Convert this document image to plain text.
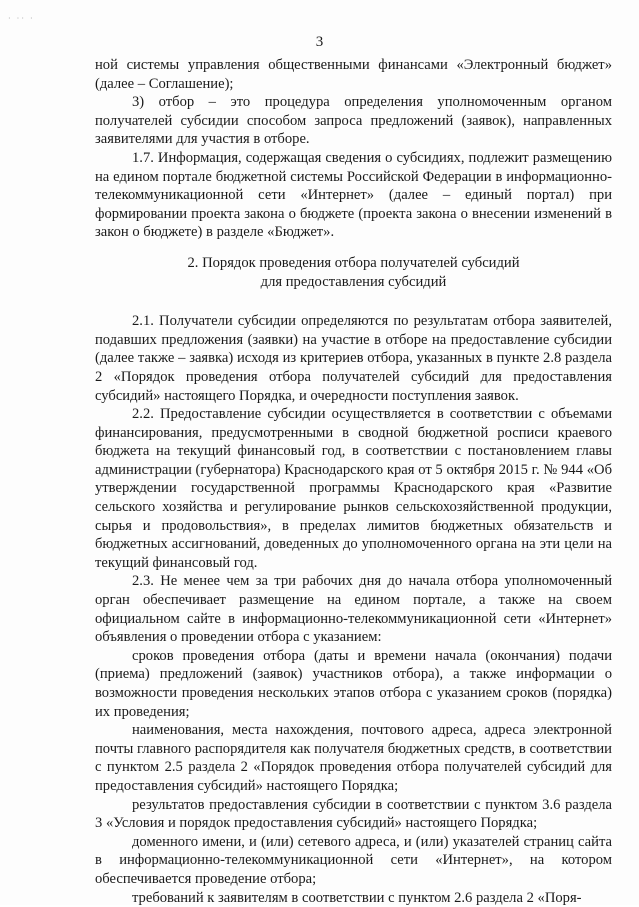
· ·· ·
3

ной системы управления общественными финансами «Электронный бюджет» (далее – Соглашение);

3) отбор – это процедура определения уполномоченным органом получателей субсидии способом запроса предложений (заявок), направленных заявителями для участия в отборе.

1.7. Информация, содержащая сведения о субсидиях, подлежит размещению на едином портале бюджетной системы Российской Федерации в информационно-телекоммуникационной сети «Интернет» (далее – единый портал) при формировании проекта закона о бюджете (проекта закона о внесении изменений в закон о бюджете) в разделе «Бюджет».

2. Порядок проведения отбора получателей субсидий
для предоставления субсидий

2.1. Получатели субсидии определяются по результатам отбора заявителей, подавших предложения (заявки) на участие в отборе на предоставление субсидии (далее также – заявка) исходя из критериев отбора, указанных в пункте 2.8 раздела 2 «Порядок проведения отбора получателей субсидий для предоставления субсидий» настоящего Порядка, и очередности поступления заявок.

2.2. Предоставление субсидии осуществляется в соответствии с объемами финансирования, предусмотренными в сводной бюджетной росписи краевого бюджета на текущий финансовый год, в соответствии с постановлением главы администрации (губернатора) Краснодарского края от 5 октября 2015 г. № 944 «Об утверждении государственной программы Краснодарского края «Развитие сельского хозяйства и регулирование рынков сельскохозяйственной продукции, сырья и продовольствия», в пределах лимитов бюджетных обязательств и бюджетных ассигнований, доведенных до уполномоченного органа на эти цели на текущий финансовый год.

2.3. Не менее чем за три рабочих дня до начала отбора уполномоченный орган обеспечивает размещение на едином портале, а также на своем официальном сайте в информационно-телекоммуникационной сети «Интернет» объявления о проведении отбора с указанием:

сроков проведения отбора (даты и времени начала (окончания) подачи (приема) предложений (заявок) участников отбора), а также информации о возможности проведения нескольких этапов отбора с указанием сроков (порядка) их проведения;

наименования, места нахождения, почтового адреса, адреса электронной почты главного распорядителя как получателя бюджетных средств, в соответствии с пунктом 2.5 раздела 2 «Порядок проведения отбора получателей субсидий для предоставления субсидий» настоящего Порядка;

результатов предоставления субсидии в соответствии с пунктом 3.6 раздела 3 «Условия и порядок предоставления субсидий» настоящего Порядка;

доменного имени, и (или) сетевого адреса, и (или) указателей страниц сайта в информационно-телекоммуникационной сети «Интернет», на котором обеспечивается проведение отбора;

требований к заявителям в соответствии с пунктом 2.6 раздела 2 «Поря-
